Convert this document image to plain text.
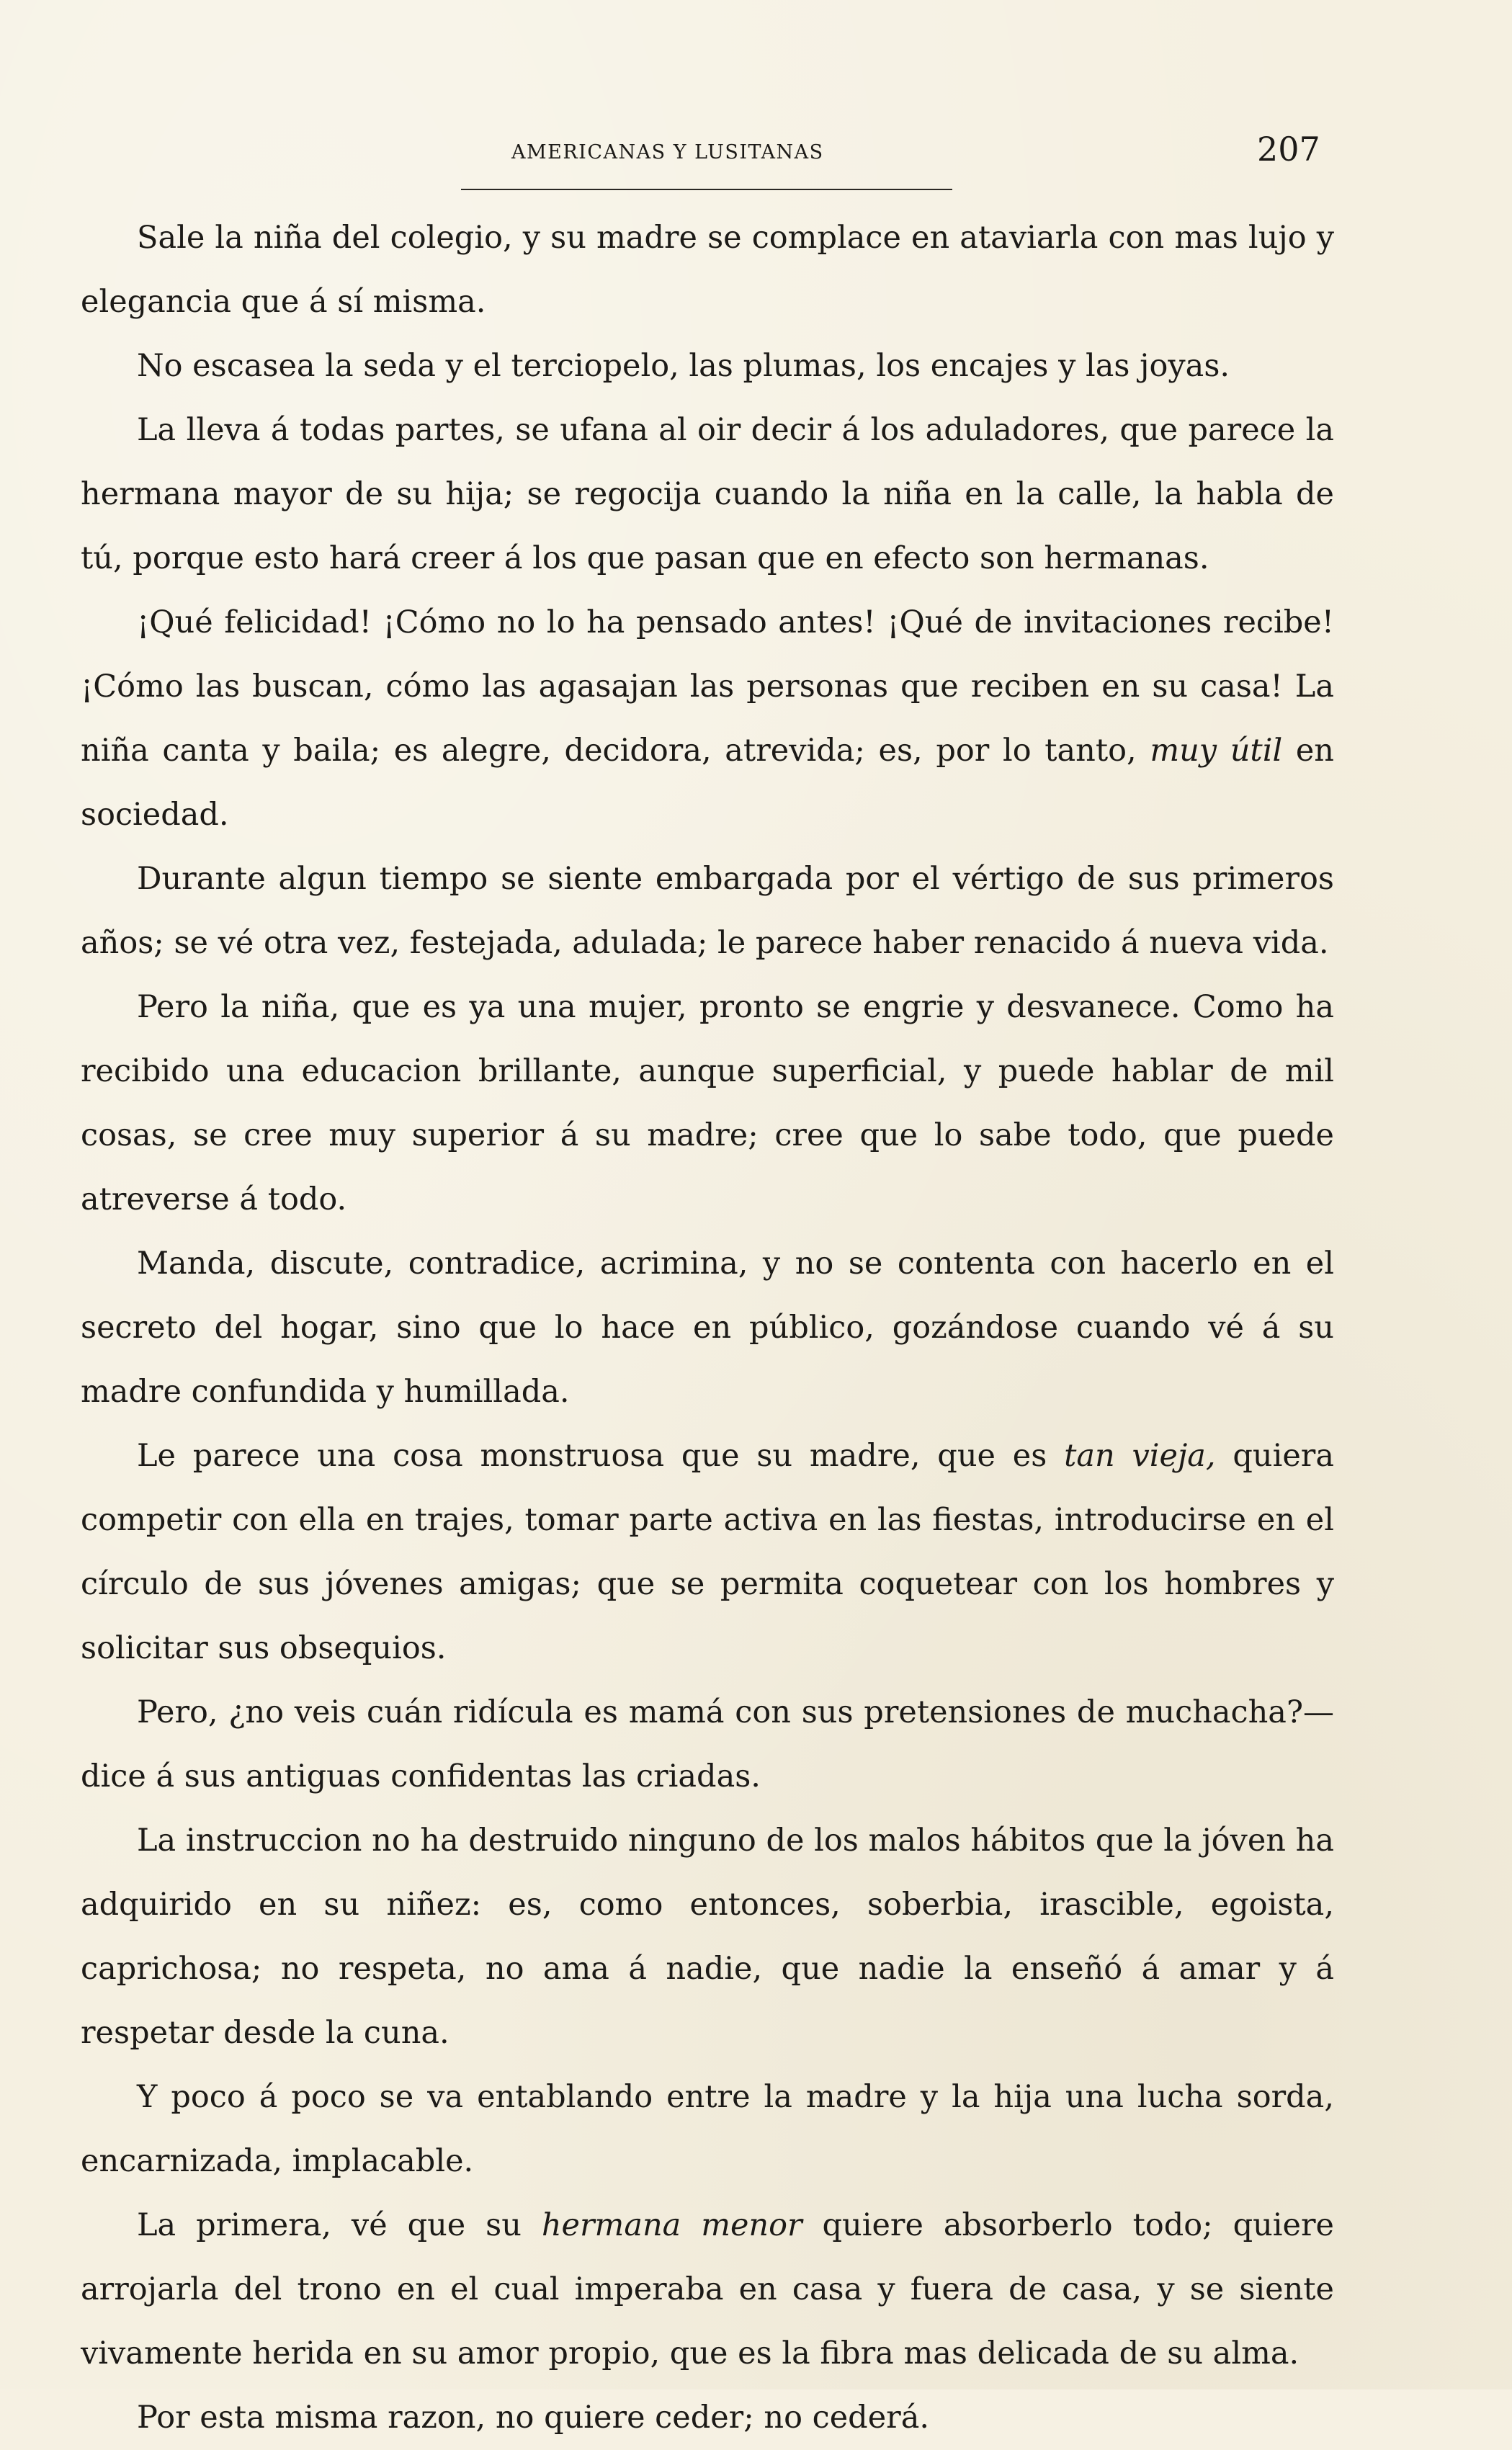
AMERICANAS Y LUSITANAS	207

Sale la niña del colegio, y su madre se complace en ataviarla con mas lujo y elegancia que á sí misma.

No escasea la seda y el terciopelo, las plumas, los encajes y las joyas.

La lleva á todas partes, se ufana al oir decir á los aduladores, que parece la hermana mayor de su hija; se regocija cuando la niña en la calle, la habla de tú, porque esto hará creer á los que pasan que en efecto son hermanas.

¡Qué felicidad! ¡Cómo no lo ha pensado antes! ¡Qué de invitaciones recibe! ¡Cómo las buscan, cómo las agasajan las personas que reciben en su casa! La niña canta y baila; es alegre, decidora, atrevida; es, por lo tanto, muy útil en sociedad.

Durante algun tiempo se siente embargada por el vértigo de sus primeros años; se vé otra vez, festejada, adulada; le parece haber renacido á nueva vida.

Pero la niña, que es ya una mujer, pronto se engrie y desvanece. Como ha recibido una educacion brillante, aunque superficial, y puede hablar de mil cosas, se cree muy superior á su madre; cree que lo sabe todo, que puede atreverse á todo.

Manda, discute, contradice, acrimina, y no se contenta con hacerlo en el secreto del hogar, sino que lo hace en público, gozándose cuando vé á su madre confundida y humillada.

Le parece una cosa monstruosa que su madre, que es tan vieja, quiera competir con ella en trajes, tomar parte activa en las fiestas, introducirse en el círculo de sus jóvenes amigas; que se permita coquetear con los hombres y solicitar sus obsequios.

Pero, ¿no veis cuán ridícula es mamá con sus pretensiones de muchacha?—dice á sus antiguas confidentas las criadas.

La instruccion no ha destruido ninguno de los malos hábitos que la jóven ha adquirido en su niñez: es, como entonces, soberbia, irascible, egoista, caprichosa; no respeta, no ama á nadie, que nadie la enseñó á amar y á respetar desde la cuna.

Y poco á poco se va entablando entre la madre y la hija una lucha sorda, encarnizada, implacable.

La primera, vé que su hermana menor quiere absorberlo todo; quiere arrojarla del trono en el cual imperaba en casa y fuera de casa, y se siente vivamente herida en su amor propio, que es la fibra mas delicada de su alma.

Por esta misma razon, no quiere ceder; no cederá.
